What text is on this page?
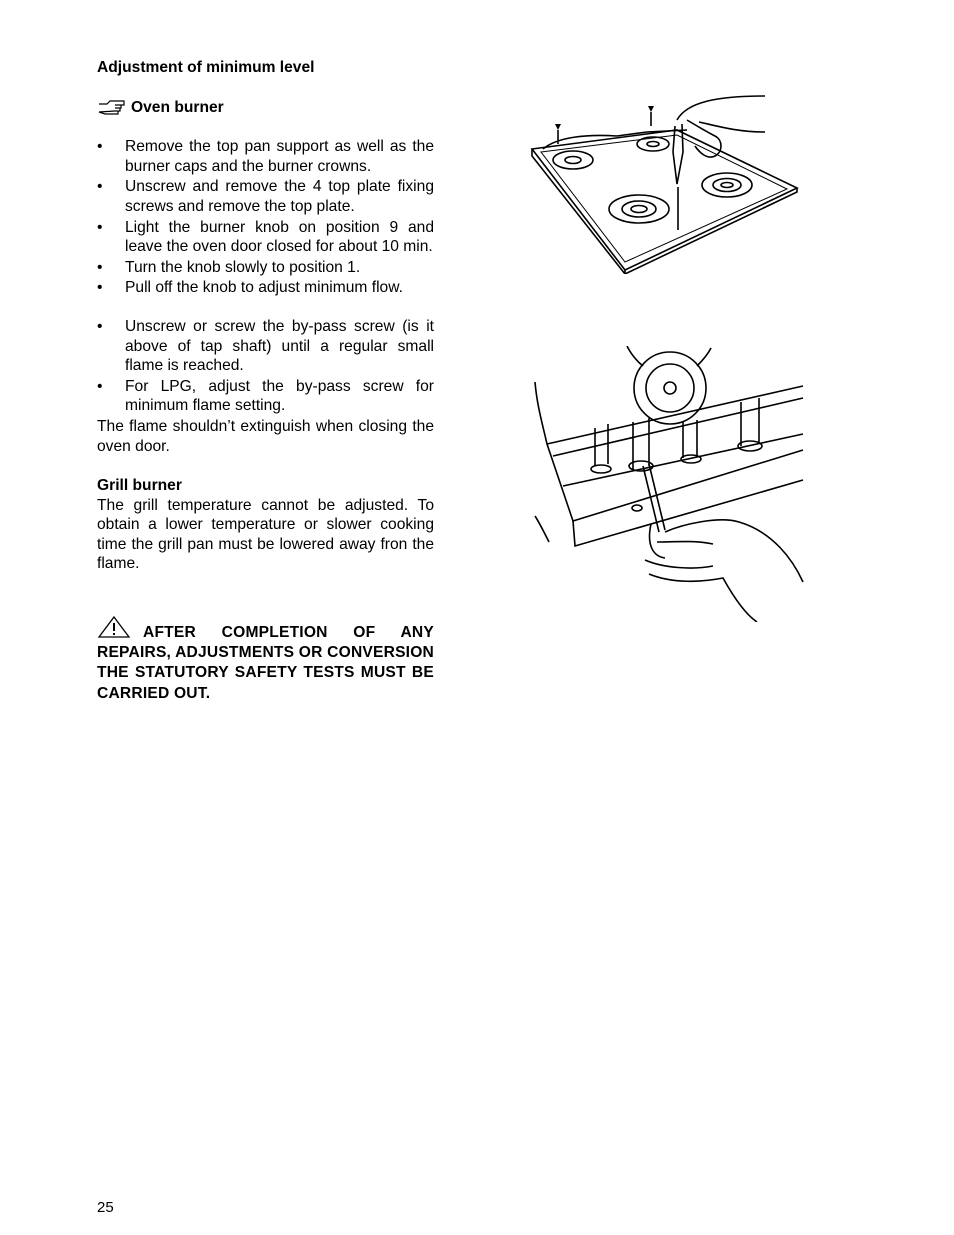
Adjustment of minimum level
Oven burner
• Remove the top pan support as well as the burner caps and the burner crowns.
• Unscrew and remove the 4 top plate fixing screws and remove the top plate.
• Light the burner knob on position 9 and leave the oven door closed for about 10 min.
• Turn the knob slowly to position 1.
• Pull off the knob to adjust minimum flow.
• Unscrew or screw the by-pass screw (is it above of tap shaft) until a regular small flame is reached.
• For LPG, adjust the by-pass screw for minimum flame setting.

The flame shouldn’t extinguish when closing the oven door.

Grill burner

The grill temperature cannot be adjusted. To obtain a lower temperature or slower cooking time the grill pan must be lowered away fron the flame.

AFTER COMPLETION OF ANY REPAIRS, ADJUSTMENTS OR CONVERSION THE STATUTORY SAFETY TESTS MUST BE CARRIED OUT.

25
